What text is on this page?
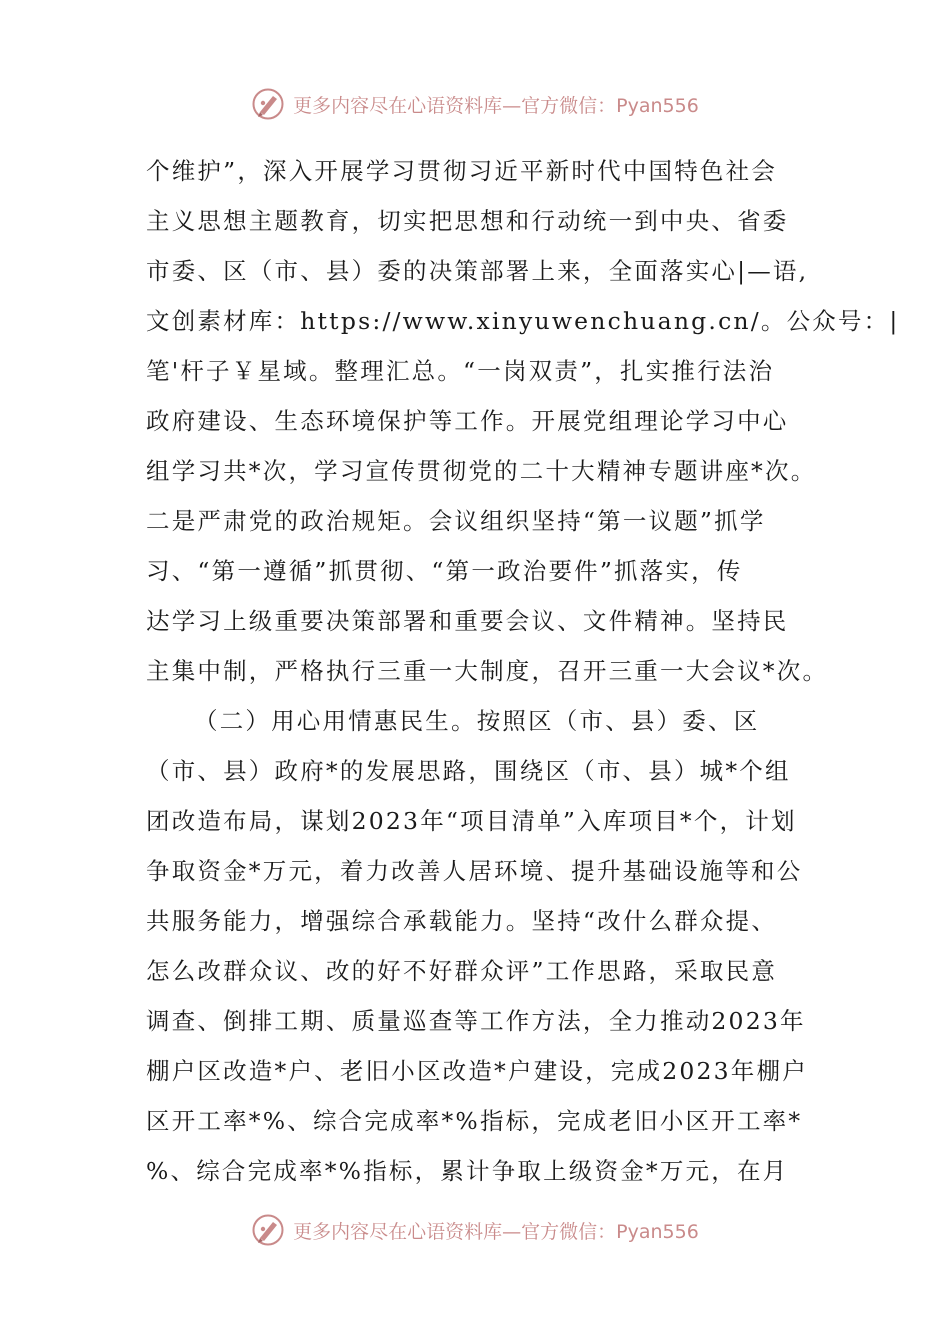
更多内容尽在心语资料库—官方微信：Pyan556
个维护”，深入开展学习贯彻习近平新时代中国特色社会
主义思想主题教育，切实把思想和行动统一到中央、省委
市委、区（市、县）委的决策部署上来，全面落实心|—语,
文创素材库：https://www.xinyuwenchuang.cn/。公众号：|
笔'杆子￥星域。整理汇总。“一岗双责”，扎实推行法治
政府建设、生态环境保护等工作。开展党组理论学习中心
组学习共*次，学习宣传贯彻党的二十大精神专题讲座*次。
二是严肃党的政治规矩。会议组织坚持“第一议题”抓学
习、“第一遵循”抓贯彻、“第一政治要件”抓落实，传
达学习上级重要决策部署和重要会议、文件精神。坚持民
主集中制，严格执行三重一大制度，召开三重一大会议*次。
（二）用心用情惠民生。按照区（市、县）委、区
（市、县）政府*的发展思路，围绕区（市、县）城*个组
团改造布局，谋划2023年“项目清单”入库项目*个，计划
争取资金*万元，着力改善人居环境、提升基础设施等和公
共服务能力，增强综合承载能力。坚持“改什么群众提、
怎么改群众议、改的好不好群众评”工作思路，采取民意
调查、倒排工期、质量巡查等工作方法，全力推动2023年
棚户区改造*户、老旧小区改造*户建设，完成2023年棚户
区开工率*%、综合完成率*%指标，完成老旧小区开工率*
%、综合完成率*%指标，累计争取上级资金*万元，在月
更多内容尽在心语资料库—官方微信：Pyan556
